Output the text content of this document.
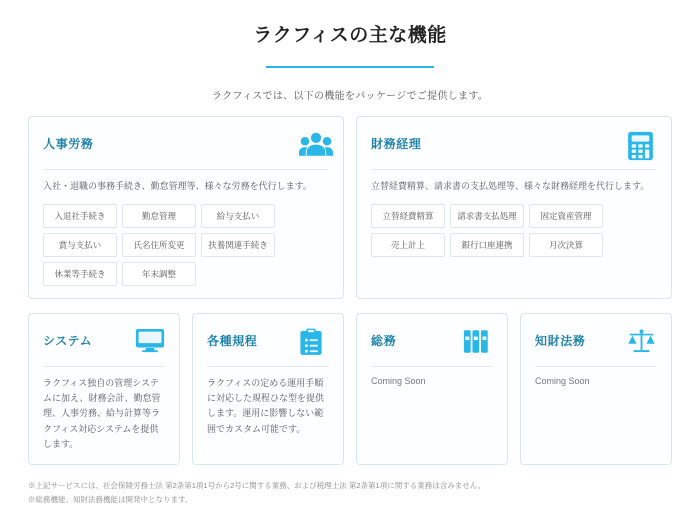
ラクフィスの主な機能
ラクフィスでは、以下の機能をパッケージでご提供します。
人事労務
入社・退職の事務手続き、勤怠管理等、様々な労務を代行します。
入退社手続き	勤怠管理	給与支払い
賞与支払い	氏名住所変更	扶養関連手続き
休業等手続き	年末調整
財務経理
立替経費精算、請求書の支払処理等、様々な財務経理を代行します。
立替経費精算	請求書支払処理	固定資産管理
売上計上	銀行口座連携	月次決算
システム
ラクフィス独自の管理システムに加え、財務会計、勤怠管理、人事労務、給与計算等ラクフィス対応システムを提供します。
各種規程
ラクフィスの定める運用手順に対応した規程ひな型を提供します。運用に影響しない範囲でカスタム可能です。
総務
Coming Soon
知財法務
Coming Soon
※上記サービスには、社会保険労務士法 第2条第1項1号から2号に関する業務、および税理士法 第2条第1項に関する業務は含みません。
※総務機能、知財法務機能は開発中となります。
